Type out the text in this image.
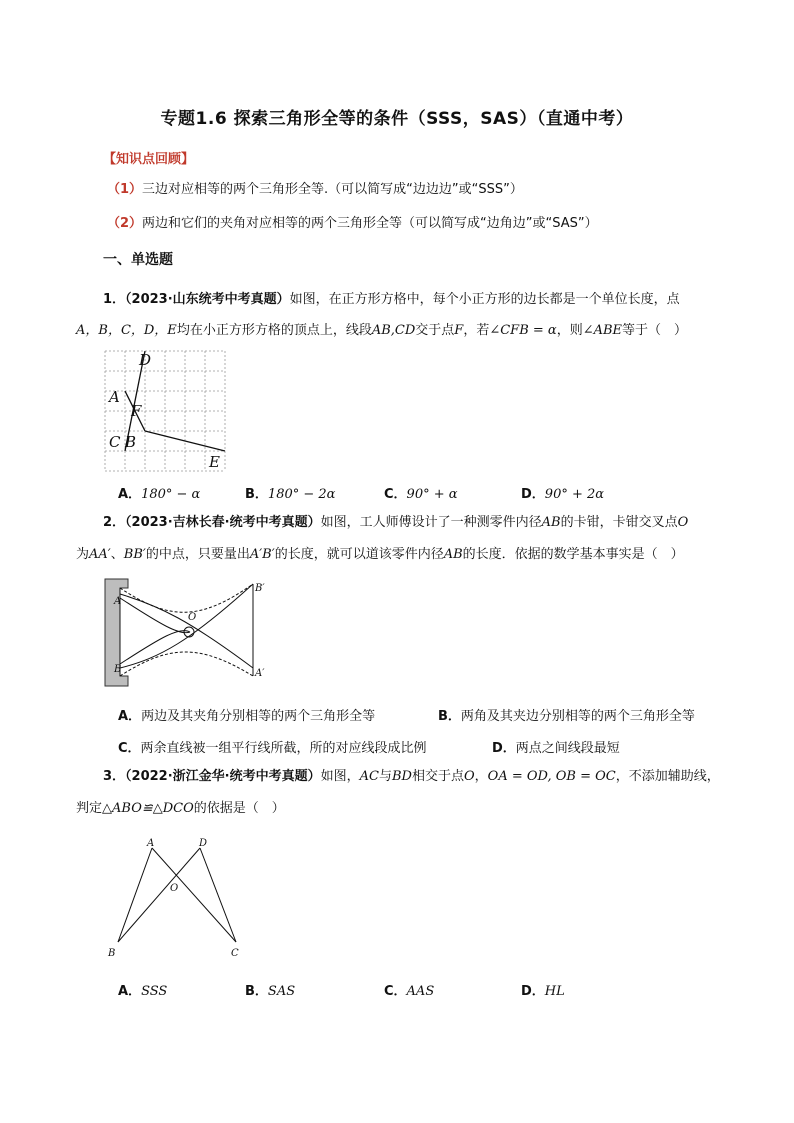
专题1.6 探索三角形全等的条件（SSS，SAS）（直通中考）
【知识点回顾】
（1）三边对应相等的两个三角形全等.（可以简写成“边边边”或“SSS”）
（2）两边和它们的夹角对应相等的两个三角形全等（可以简写成“边角边”或“SAS”）
一、单选题
1．（2023·山东统考中考真题）如图，在正方形方格中，每个小正方形的边长都是一个单位长度，点
A，B，C，D，E均在小正方形方格的顶点上，线段AB,CD交于点F，若∠CFB = α，则∠ABE等于（　）
D
A
F
C B
E
A．180° − α	B．180° − 2α	C．90° + α	D．90° + 2α
2．（2023·吉林长春·统考中考真题）如图，工人师傅设计了一种测零件内径AB的卡钳，卡钳交叉点O
为AA′、BB′的中点，只要量出A′B′的长度，就可以道该零件内径AB的长度．依据的数学基本事实是（　）
A
B
O
B′
A′
A．两边及其夹角分别相等的两个三角形全等	B．两角及其夹边分别相等的两个三角形全等
C．两余直线被一组平行线所截，所的对应线段成比例	D．两点之间线段最短
3．（2022·浙江金华·统考中考真题）如图，AC与BD相交于点O，OA = OD, OB = OC，不添加辅助线，
判定△ABO≌△DCO的依据是（　）
A	D
O
B	C
A．SSS	B．SAS	C．AAS	D．HL
